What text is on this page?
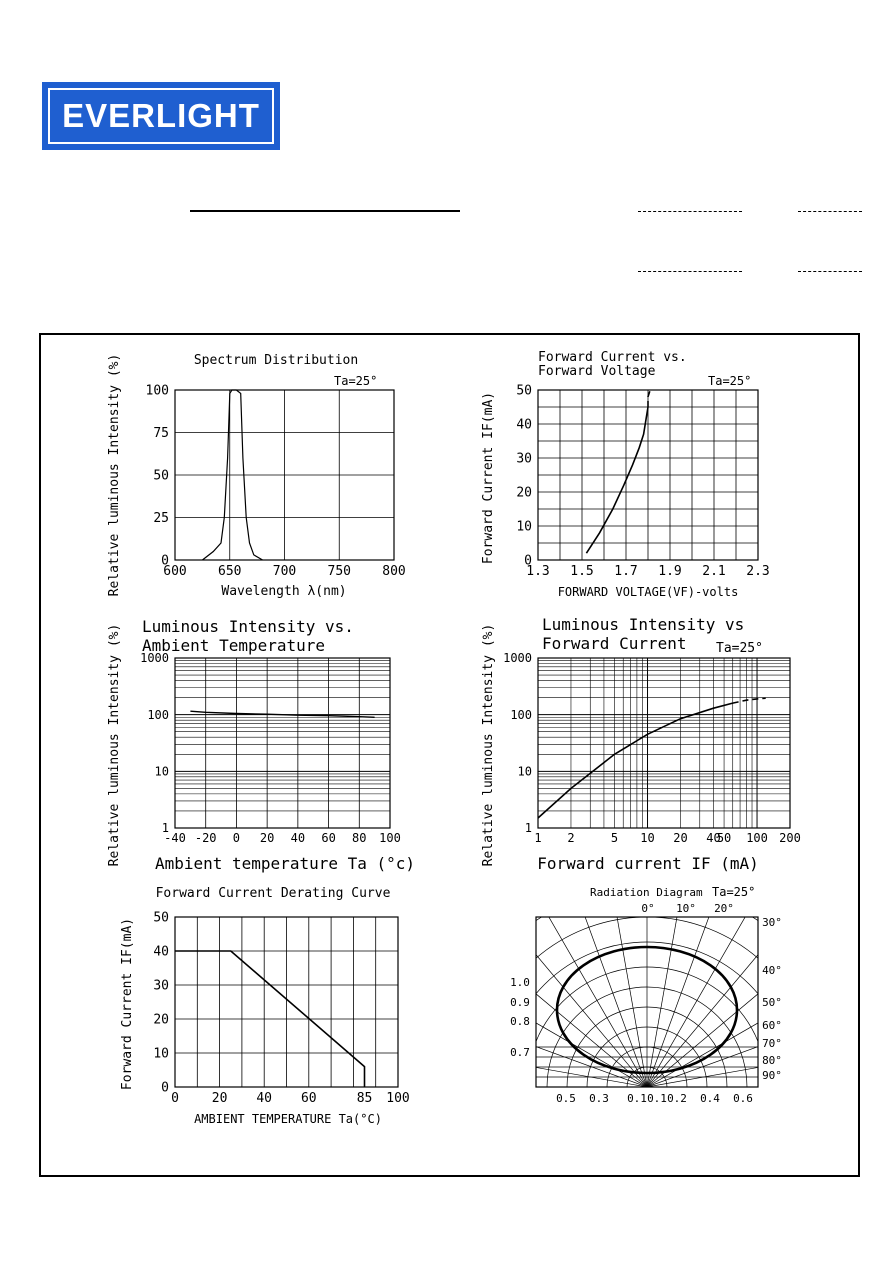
EVERLIGHT
Spectrum Distribution
Ta=25°
Wavelength λ(nm)
Relative luminous Intensity (%)	600 650 700 750 800
0
25
50
75
100
Forward Current vs.
Forward Voltage
Ta=25°
FORWARD VOLTAGE(VF)-volts
Forward Current IF(mA)
1.3 1.5 1.7 1.9 2.1 2.3
0
10
20
30
40
50
Luminous Intensity vs.
Ambient Temperature
Ambient temperature Ta (°c)
Relative luminous Intensity (%)	-40 -20 0 20 40 60 80 100
1
10
100
1000
Luminous Intensity vs
Forward Current Ta=25°
Forward current IF (mA)
Relative luminous Intensity (%)	1 2	5 10 20 40
50 100 200
1
10
100
1000
Forward Current Derating Curve
AMBIENT TEMPERATURE Ta(°C)
Forward Current IF(mA)
0	20 40 60	85 100
0
10
20
30
40
50
Radiation Diagram Ta=25°
0° 10° 20°
30°
40°
50°
60°
70°
80°
90°
1.0
0.9
0.8
0.7
0.5 0.3 0.1 0.1 0.2 0.4 0.6
